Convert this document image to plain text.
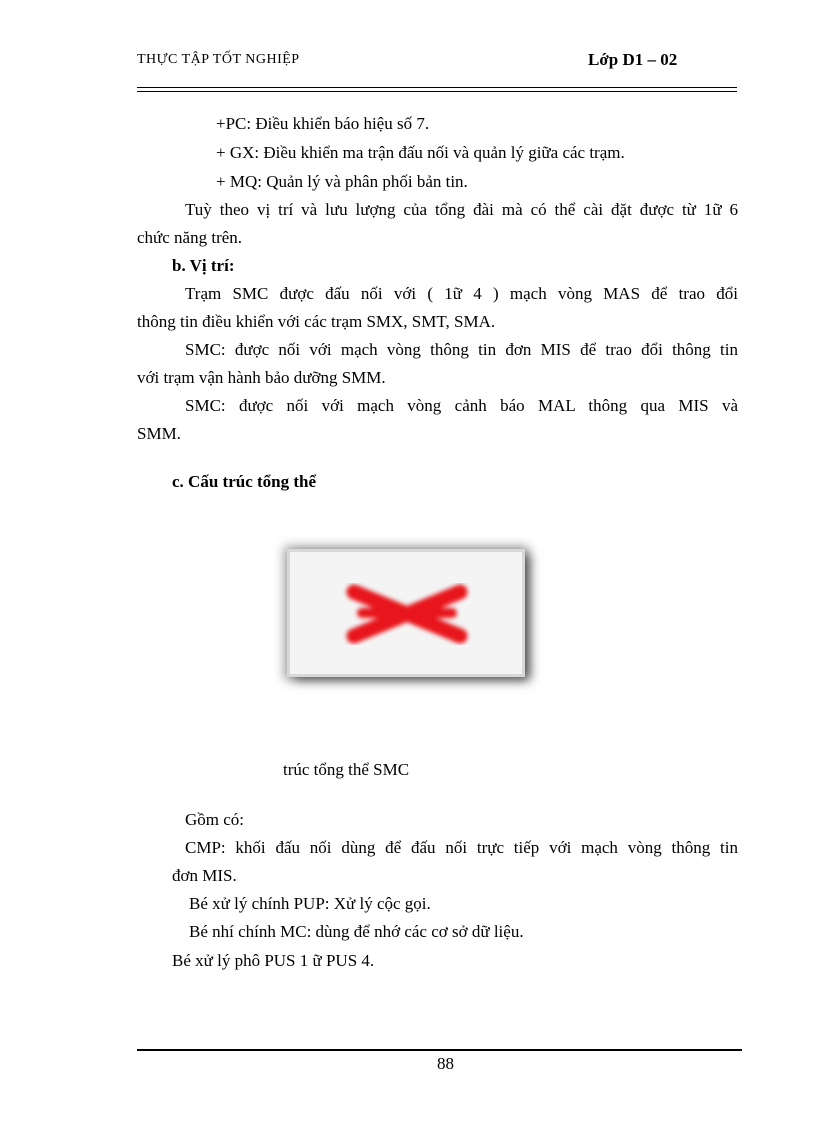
THỰC TẬP TỐT NGHIỆP	Lớp D1 – 02
+PC: Điều khiển báo hiệu số 7.
+ GX: Điều khiển ma trận đấu nối và quản lý giữa các trạm.
+ MQ: Quản lý và phân phối bản tin.
Tuỳ theo vị trí và lưu lượng của tổng đài mà có thể cài đặt được từ 1ữ 6
chức năng trên.
b. Vị trí:
Trạm SMC được đấu nối với ( 1ữ 4 ) mạch vòng MAS để trao đổi
thông tin điều khiển với các trạm SMX, SMT, SMA.
SMC: được nối với mạch vòng thông tin đơn MIS để trao đổi thông tin
với trạm vận hành bảo dưỡng SMM.
SMC: được nối với mạch vòng cảnh báo MAL thông qua MIS và
SMM.
c. Cấu trúc tổng thể
trúc tổng thể SMC
Gồm có:
CMP: khối đấu nối dùng để đấu nối trực tiếp với mạch vòng thông tin
đơn MIS.
Bé xử lý chính PUP: Xử lý cộc gọi.
Bé nhí chính MC: dùng để nhớ các cơ sở dữ liệu.
Bé xử lý phô PUS 1 ữ PUS 4.
88
